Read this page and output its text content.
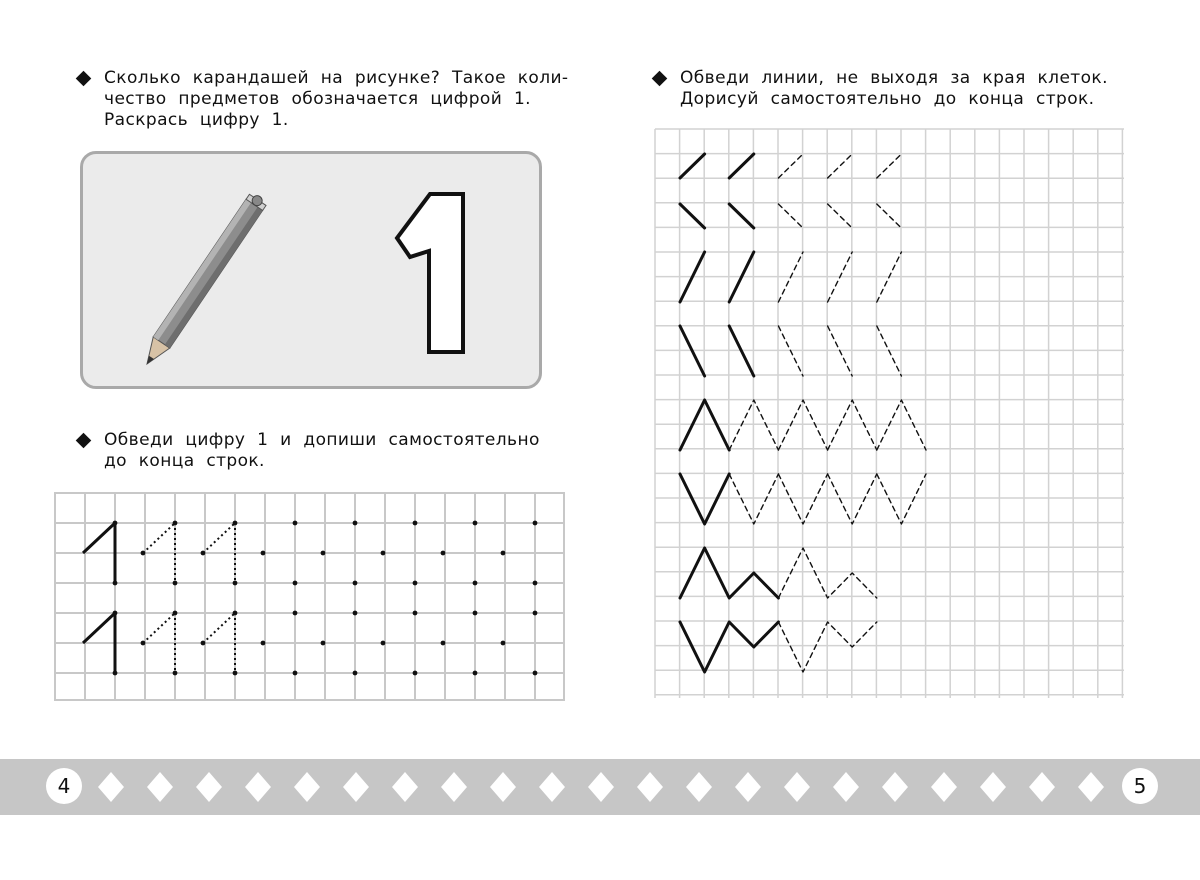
Сколько карандашей на рисунке? Такое коли-
чество предметов обозначается цифрой 1.
Раскрась цифру 1.
Обведи цифру 1 и допиши самостоятельно
до конца строк.
Обведи линии, не выходя за края клеток.
Дорисуй самостоятельно до конца строк.
4	5
